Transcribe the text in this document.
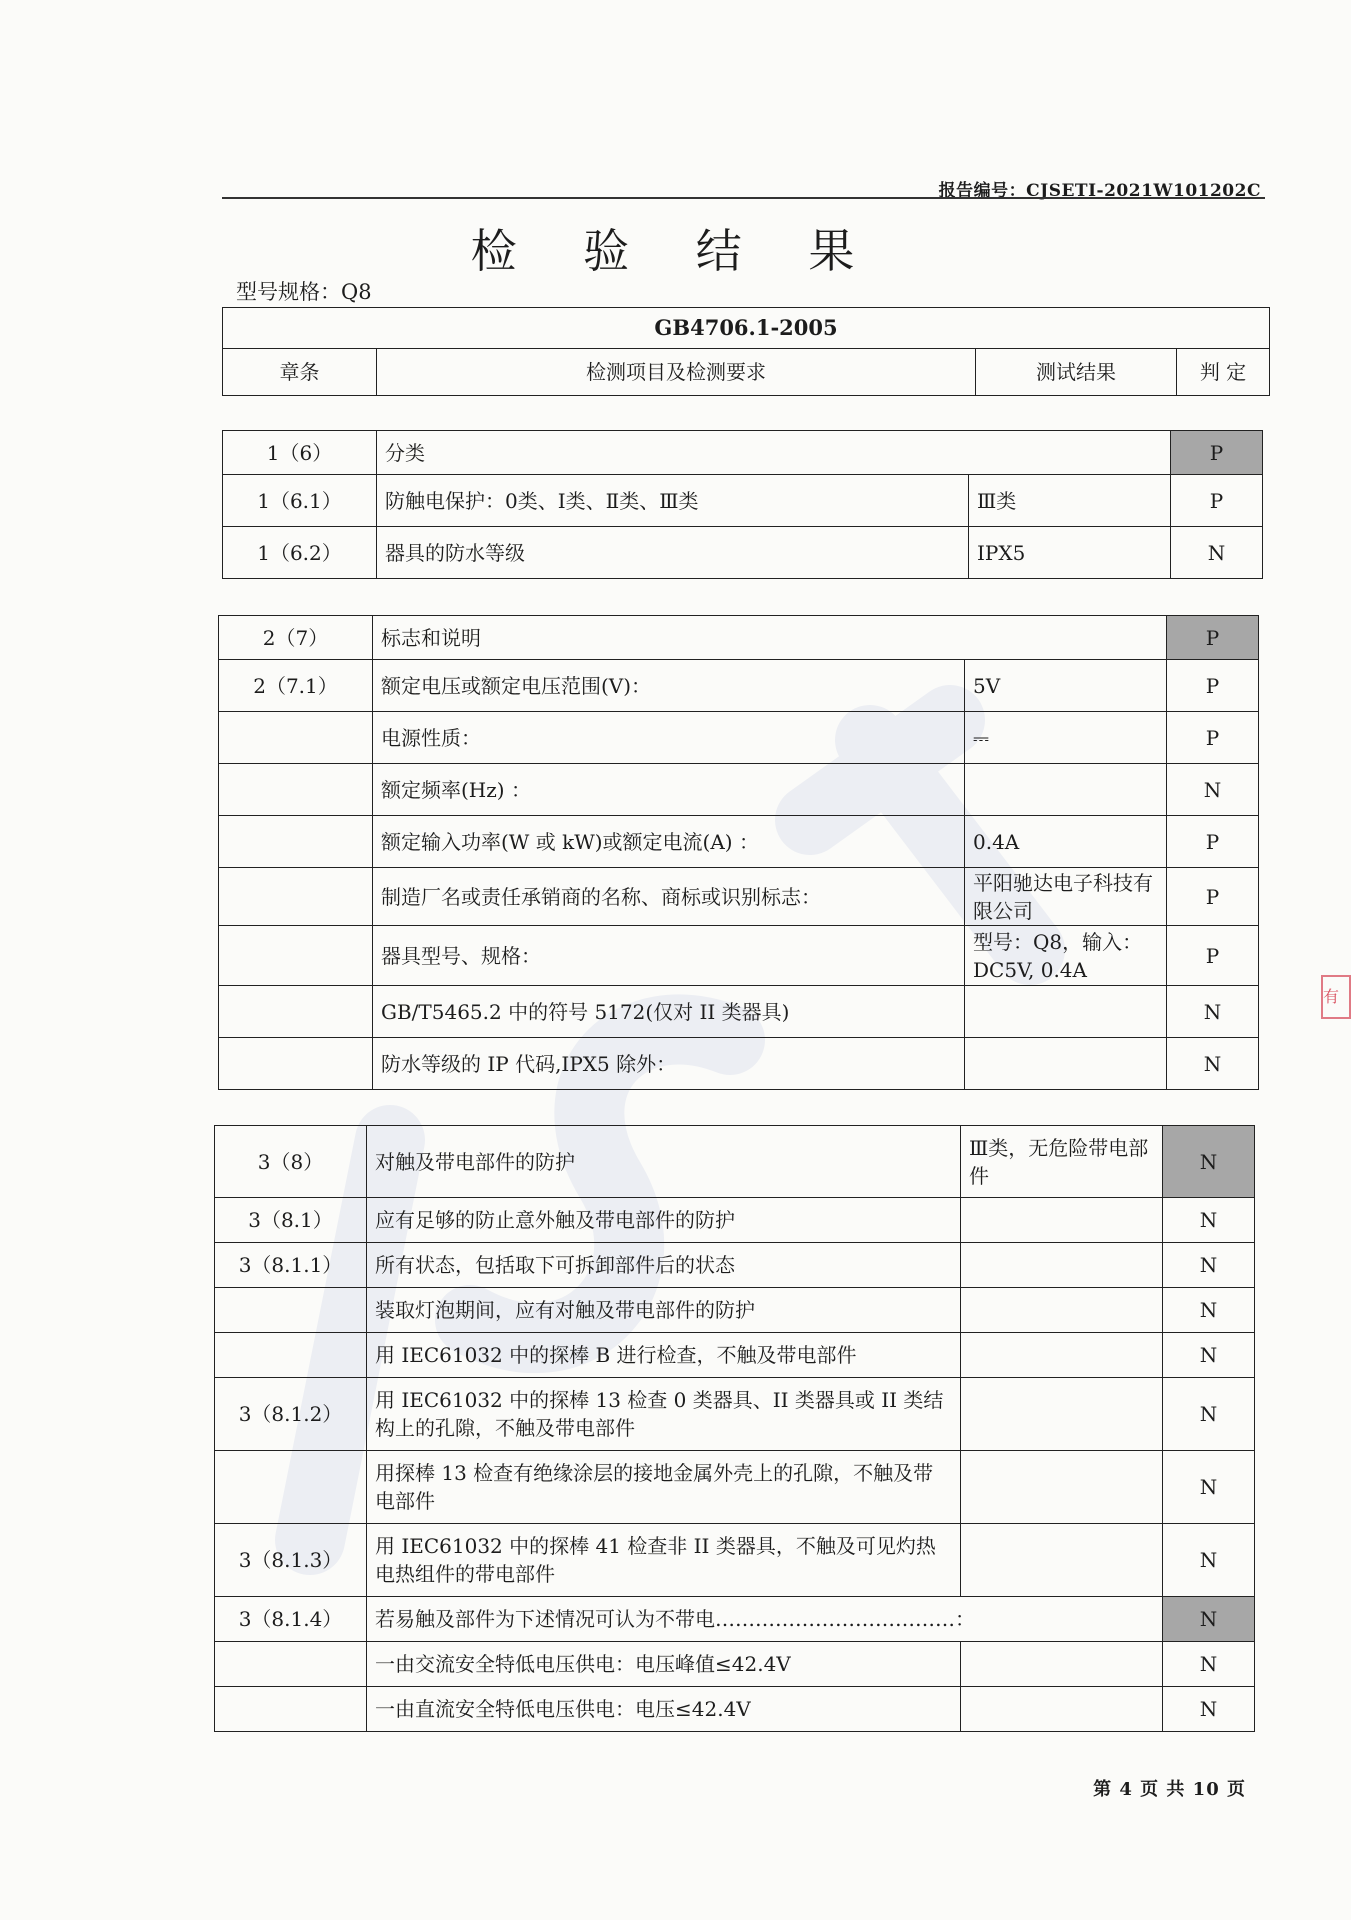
报告编号：CJSETI-2021W101202C
检 验 结 果
型号规格：Q8
GB4706.1-2005
章条	检测项目及检测要求	测试结果	判 定
1（6）	分类		P
1（6.1）	防触电保护：0类、Ⅰ类、Ⅱ类、Ⅲ类	Ⅲ类	P
1（6.2）	器具的防水等级	IPX5	N
2（7）	标志和说明		P
2（7.1）	额定电压或额定电压范围(V)：	5V	P
	电源性质：	⎓	P
	额定频率(Hz) ：		N
	额定输入功率(W 或 kW)或额定电流(A) ：	0.4A	P
	制造厂名或责任承销商的名称、商标或识别标志：	平阳驰达电子科技有限公司	P
	器具型号、规格：	型号：Q8，输入：DC5V, 0.4A	P
	GB/T5465.2 中的符号 5172(仅对 II 类器具)		N
	防水等级的 IP 代码,IPX5 除外：		N
3（8）	对触及带电部件的防护	Ⅲ类，无危险带电部件	N
3（8.1）	应有足够的防止意外触及带电部件的防护		N
3（8.1.1）	所有状态，包括取下可拆卸部件后的状态		N
	装取灯泡期间，应有对触及带电部件的防护		N
	用 IEC61032 中的探棒 B 进行检查，不触及带电部件		N
3（8.1.2）	用 IEC61032 中的探棒 13 检查 0 类器具、II 类器具或 II 类结构上的孔隙，不触及带电部件		N
	用探棒 13 检查有绝缘涂层的接地金属外壳上的孔隙，不触及带电部件		N
3（8.1.3）	用 IEC61032 中的探棒 41 检查非 II 类器具，不触及可见灼热电热组件的带电部件		N
3（8.1.4）	若易触及部件为下述情况可认为不带电………………………………：		N
	一由交流安全特低电压供电：电压峰值≤42.4V		N
	一由直流安全特低电压供电：电压≤42.4V		N
第 4 页 共 10 页
有
